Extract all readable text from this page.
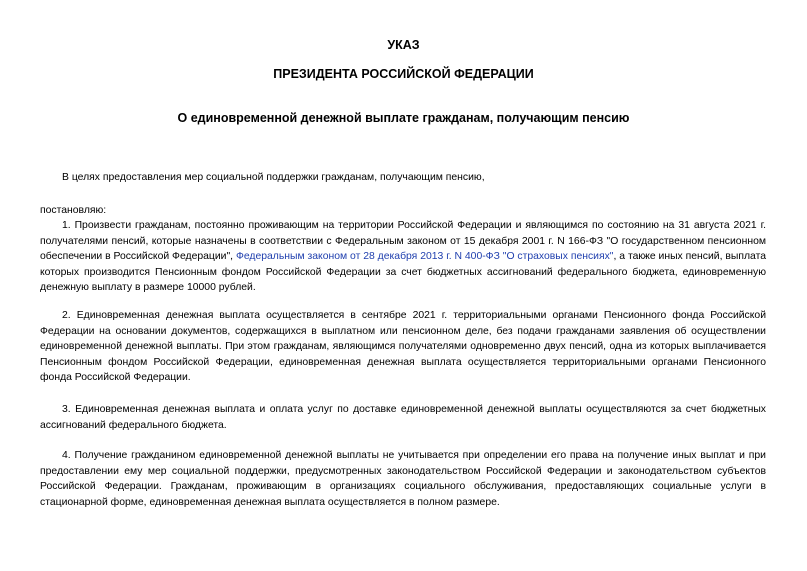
УКАЗ
ПРЕЗИДЕНТА РОССИЙСКОЙ ФЕДЕРАЦИИ
О единовременной денежной выплате гражданам, получающим пенсию

В целях предоставления мер социальной поддержки гражданам, получающим пенсию,

постановляю:

1. Произвести гражданам, постоянно проживающим на территории Российской Федерации и являющимся по состоянию на 31 августа 2021 г. получателями пенсий, которые назначены в соответствии с Федеральным законом от 15 декабря 2001 г. N 166-ФЗ "О государственном пенсионном обеспечении в Российской Федерации", Федеральным законом от 28 декабря 2013 г. N 400-ФЗ "О страховых пенсиях", а также иных пенсий, выплата которых производится Пенсионным фондом Российской Федерации за счет бюджетных ассигнований федерального бюджета, единовременную денежную выплату в размере 10000 рублей.

2. Единовременная денежная выплата осуществляется в сентябре 2021 г. территориальными органами Пенсионного фонда Российской Федерации на основании документов, содержащихся в выплатном или пенсионном деле, без подачи гражданами заявления об осуществлении единовременной денежной выплаты. При этом гражданам, являющимся получателями одновременно двух пенсий, одна из которых выплачивается Пенсионным фондом Российской Федерации, единовременная денежная выплата осуществляется территориальными органами Пенсионного фонда Российской Федерации.

3. Единовременная денежная выплата и оплата услуг по доставке единовременной денежной выплаты осуществляются за счет бюджетных ассигнований федерального бюджета.

4. Получение гражданином единовременной денежной выплаты не учитывается при определении его права на получение иных выплат и при предоставлении ему мер социальной поддержки, предусмотренных законодательством Российской Федерации и законодательством субъектов Российской Федерации. Гражданам, проживающим в организациях социального обслуживания, предоставляющих социальные услуги в стационарной форме, единовременная денежная выплата осуществляется в полном размере.
